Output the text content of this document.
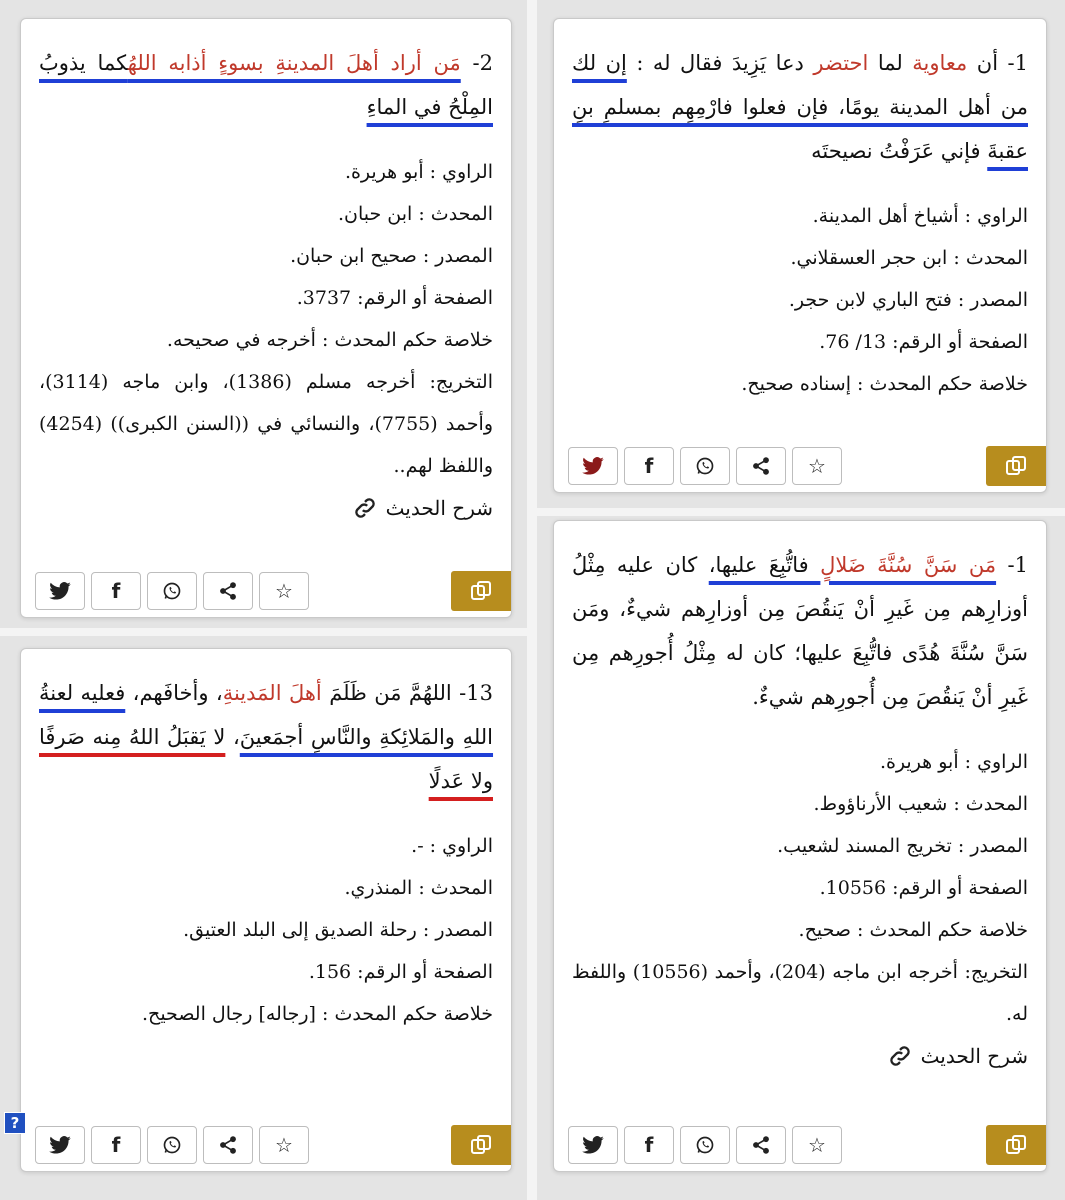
1- أن معاوية لما احتضر دعا يَزِيدَ فقال له : إن لك من أهل المدينة يومًا، فإن فعلوا فارْمِهِم بمسلمِ بنِ عقبةَ فإني عَرَفْتُ نصيحتَه
الراوي : أشياخ أهل المدينة.
المحدث : ابن حجر العسقلاني.
المصدر : فتح الباري لابن حجر.
الصفحة أو الرقم: 13/ 76.
خلاصة حكم المحدث : إسناده صحيح.
f	☆
2- مَن أراد أهلَ المدينةِ بسوءٍ أذابه اللهُكما يذوبُ المِلْحُ في الماءِ
الراوي : أبو هريرة.
المحدث : ابن حبان.
المصدر : صحيح ابن حبان.
الصفحة أو الرقم: 3737.
خلاصة حكم المحدث : أخرجه في صحيحه.
التخريج: أخرجه مسلم (1386)، وابن ماجه (3114)، وأحمد (7755)، والنسائي في ((السنن الكبرى)) (4254) واللفظ لهم..
شرح الحديث
f	☆
1- مَن سَنَّ سُنَّةَ ضَلالٍ فاتُّبِعَ عليها، كان عليه مِثْلُ أوزارِهم مِن غَيرِ أنْ يَنقُصَ مِن أوزارِهم شيءٌ، ومَن سَنَّ سُنَّةَ هُدًى فاتُّبِعَ عليها؛ كان له مِثْلُ أُجورِهم مِن غَيرِ أنْ يَنقُصَ مِن أُجورِهم شيءٌ.
الراوي : أبو هريرة.
المحدث : شعيب الأرناؤوط.
المصدر : تخريج المسند لشعيب.
الصفحة أو الرقم: 10556.
خلاصة حكم المحدث : صحيح.
التخريج: أخرجه ابن ماجه (204)، وأحمد (10556) واللفظ له.
شرح الحديث
f	☆
13- اللهُمَّ مَن ظَلَمَ أهلَ المَدينةِ، وأخافَهم، فعليه لعنةُ اللهِ والمَلائِكةِ والنَّاسِ أجمَعينَ، لا يَقبَلُ اللهُ مِنه صَرفًا ولا عَدلًا
الراوي : -.
المحدث : المنذري.
المصدر : رحلة الصديق إلى البلد العتيق.
الصفحة أو الرقم: 156.
خلاصة حكم المحدث : [رجاله] رجال الصحيح.
f	☆
?
